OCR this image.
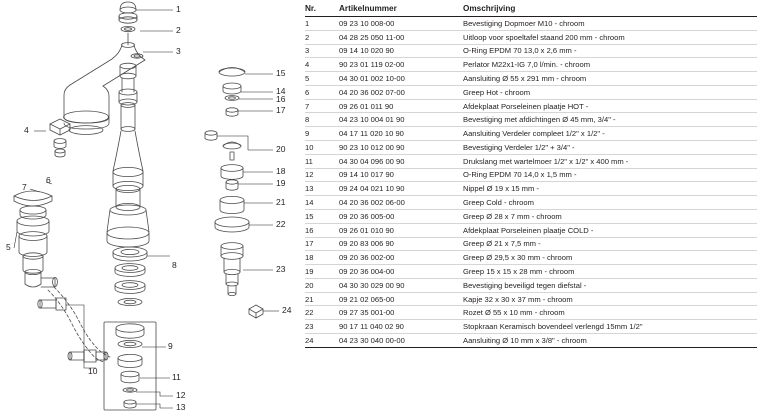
1
2
3
15
14
16
17
4
20
18
19
6
7
21
22
5
8	23
24
9
10
11
12
13
Nr.	Artikelnummer	Omschrijving
1	09 23 10 008-00	Bevestiging Dopmoer M10 - chroom
2	04 28 25 050 11-00	Uitloop voor spoeltafel staand 200 mm - chroom
3	09 14 10 020 90	O-Ring EPDM 70 13,0 x 2,6 mm -
4	90 23 01 119 02-00	Perlator M22x1-IG 7,0 l/min. - chroom
5	04 30 01 002 10-00	Aansluiting Ø 55 x 291 mm - chroom
6	04 20 36 002 07-00	Greep Hot - chroom
7	09 26 01 011 90	Afdekplaat Porseleinen plaatje HOT -
8	04 23 10 004 01 90	Bevestiging met afdichtingen Ø 45 mm, 3/4" -
9	04 17 11 020 10 90	Aansluiting Verdeler compleet 1/2" x 1/2" -
10	90 23 10 012 00 90	Bevestiging Verdeler 1/2" + 3/4" -
11	04 30 04 096 00 90	Drukslang met wartelmoer 1/2" x 1/2" x 400 mm -
12	09 14 10 017 90	O-Ring EPDM 70 14,0 x 1,5 mm -
13	09 24 04 021 10 90	Nippel Ø 19 x 15 mm -
14	04 20 36 002 06-00	Greep Cold - chroom
15	09 20 36 005-00	Greep Ø 28 x 7 mm - chroom
16	09 26 01 010 90	Afdekplaat Porseleinen plaatje COLD -
17	09 20 83 006 90	Greep Ø 21 x 7,5 mm -
18	09 20 36 002-00	Greep Ø 29,5 x 30 mm - chroom
19	09 20 36 004-00	Greep 15 x 15 x 28 mm - chroom
20	04 30 30 029 00 90	Bevestiging beveiligd tegen diefstal -
21	09 21 02 065-00	Kapje 32 x 30 x 37 mm - chroom
22	09 27 35 001-00	Rozet Ø 55 x 10 mm - chroom
23	90 17 11 040 02 90	Stopkraan Keramisch bovendeel verlengd 15mm 1/2"
24	04 23 30 040 00-00	Aansluiting Ø 10 mm x 3/8" - chroom
